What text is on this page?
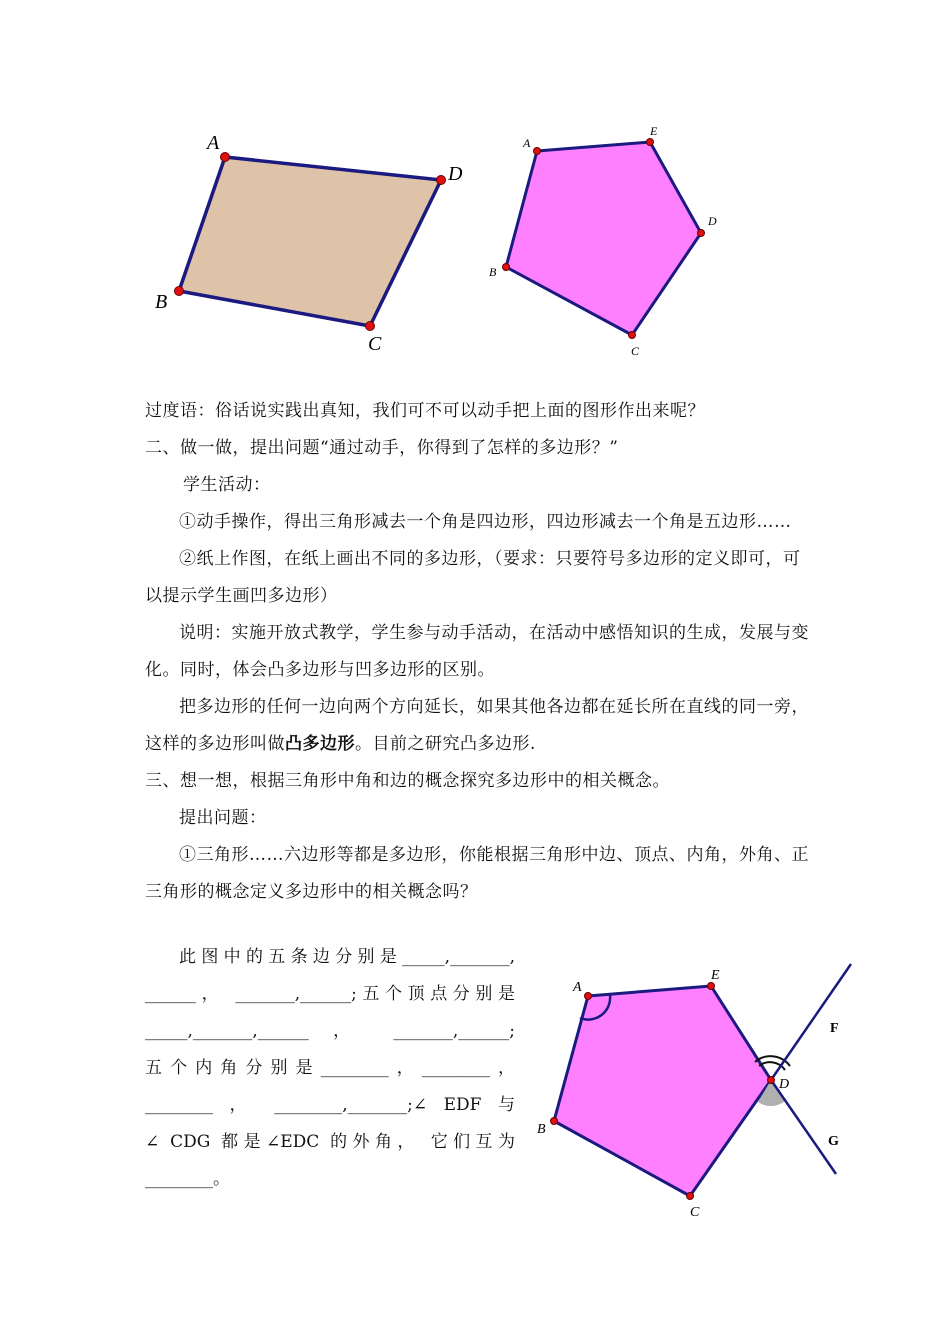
A
D
C
B
A
E
D
C
B

过度语：俗话说实践出真知，我们可不可以动手把上面的图形作出来呢？

二、做一做，提出问题“通过动手，你得到了怎样的多边形？”

学生活动：

①动手操作，得出三角形减去一个角是四边形，四边形减去一个角是五边形……

②纸上作图，在纸上画出不同的多边形，（要求：只要符号多边形的定义即可，可以提示学生画凹多边形）

说明：实施开放式教学，学生参与动手活动，在活动中感悟知识的生成，发展与变化。同时，体会凸多边形与凹多边形的区别。

把多边形的任何一边向两个方向延长，如果其他各边都在延长所在直线的同一旁，这样的多边形叫做凸多边形。目前之研究凸多边形.

三、想一想，根据三角形中角和边的概念探究多边形中的相关概念。

提出问题：

①三角形……六边形等都是多边形，你能根据三角形中边、顶点、内角，外角、正三角形的概念定义多边形中的相关概念吗？

此图中的五条边分别是_____,_______,

______， _______,______;五个顶点分别是

_____,_______,______ ， _______,______;

五个内角分别是________，________，

________ ， ________,_______;∠ EDF 与

∠ CDG 都是∠EDC 的外角， 它们互为

________。

A
E
D
C
B
F
G
